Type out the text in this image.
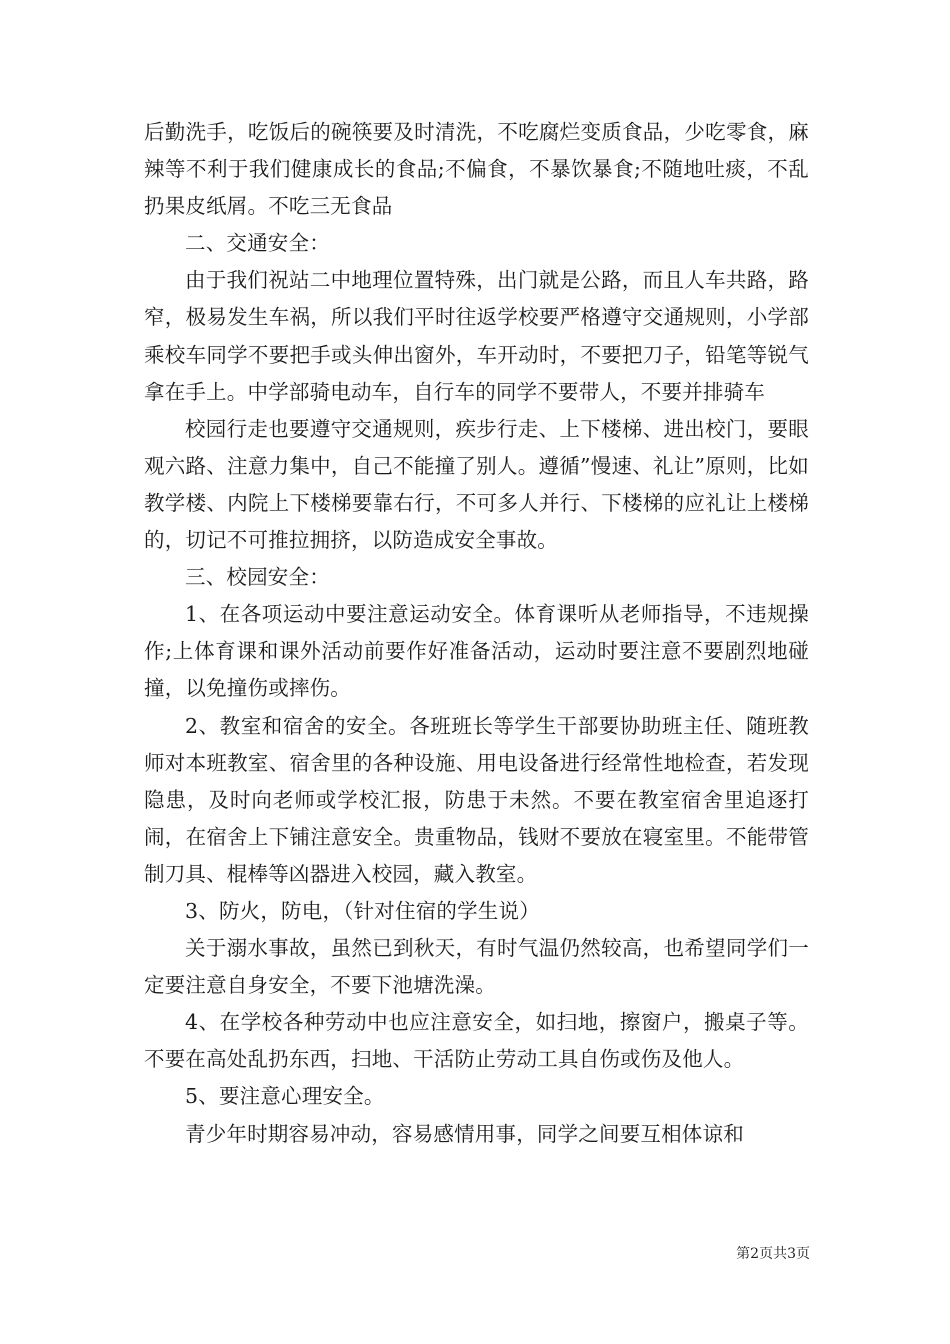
后勤洗手，吃饭后的碗筷要及时清洗，不吃腐烂变质食品，少吃零食，麻辣等不利于我们健康成长的食品;不偏食，不暴饮暴食;不随地吐痰，不乱扔果皮纸屑。不吃三无食品

二、交通安全：

由于我们祝站二中地理位置特殊，出门就是公路，而且人车共路，路窄，极易发生车祸，所以我们平时往返学校要严格遵守交通规则，小学部乘校车同学不要把手或头伸出窗外，车开动时，不要把刀子，铅笔等锐气拿在手上。中学部骑电动车，自行车的同学不要带人，不要并排骑车

校园行走也要遵守交通规则，疾步行走、上下楼梯、进出校门，要眼观六路、注意力集中，自己不能撞了别人。遵循”慢速、礼让”原则，比如教学楼、内院上下楼梯要靠右行，不可多人并行、下楼梯的应礼让上楼梯的，切记不可推拉拥挤，以防造成安全事故。

三、校园安全：

1、在各项运动中要注意运动安全。体育课听从老师指导，不违规操作;上体育课和课外活动前要作好准备活动，运动时要注意不要剧烈地碰撞，以免撞伤或摔伤。

2、教室和宿舍的安全。各班班长等学生干部要协助班主任、随班教师对本班教室、宿舍里的各种设施、用电设备进行经常性地检查，若发现隐患，及时向老师或学校汇报，防患于未然。不要在教室宿舍里追逐打闹，在宿舍上下铺注意安全。贵重物品，钱财不要放在寝室里。不能带管制刀具、棍棒等凶器进入校园，藏入教室。

3、防火，防电，（针对住宿的学生说）

关于溺水事故，虽然已到秋天，有时气温仍然较高，也希望同学们一定要注意自身安全，不要下池塘洗澡。

4、在学校各种劳动中也应注意安全，如扫地，擦窗户，搬桌子等。不要在高处乱扔东西，扫地、干活防止劳动工具自伤或伤及他人。

5、要注意心理安全。

青少年时期容易冲动，容易感情用事，同学之间要互相体谅和

第2页共3页
